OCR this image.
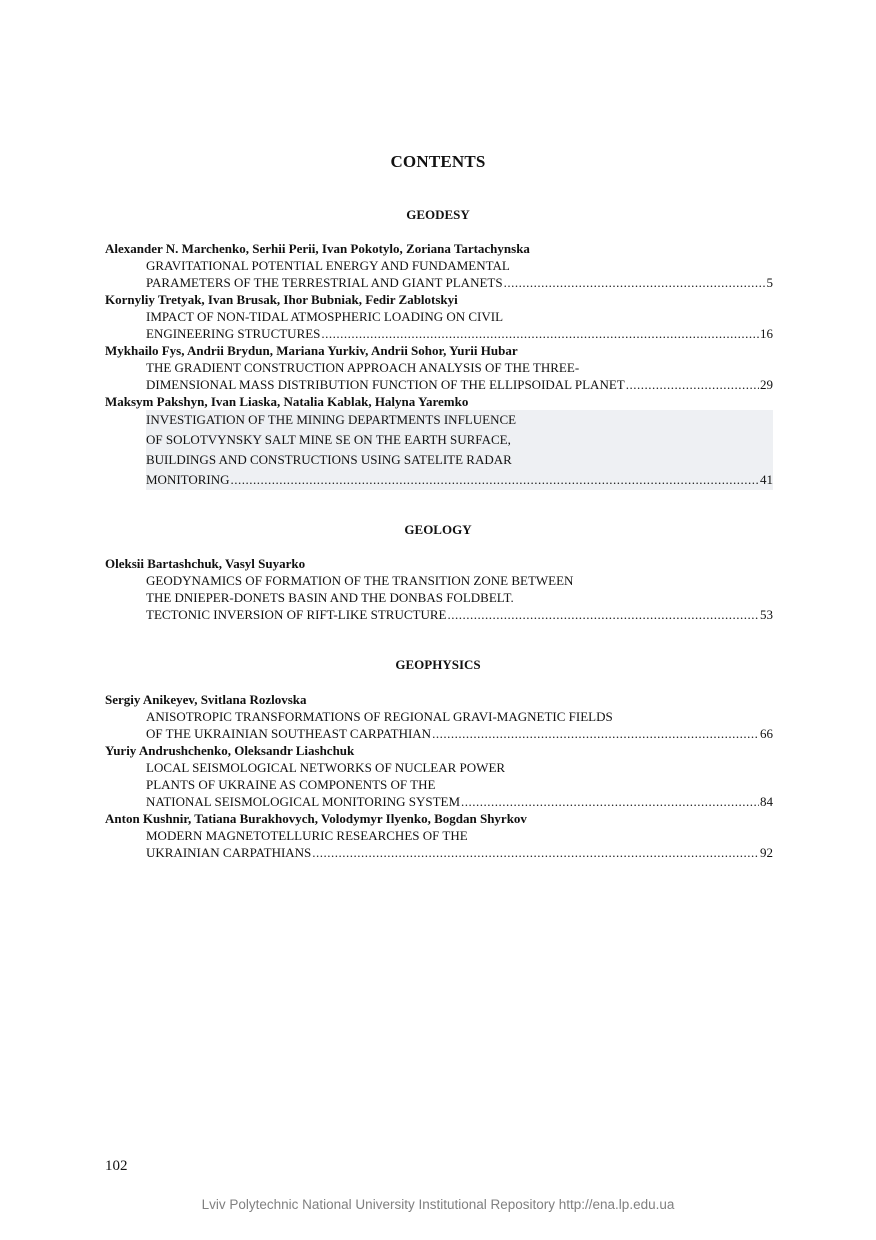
CONTENTS
GEODESY
Alexander N. Marchenko, Serhii Perii, Ivan Pokotylo, Zoriana Tartachynska
GRAVITATIONAL POTENTIAL ENERGY AND FUNDAMENTAL
PARAMETERS OF THE TERRESTRIAL AND GIANT PLANETS .....	5
Kornyliy Tretyak, Ivan Brusak, Ihor Bubniak, Fedir Zablotskyi
IMPACT OF NON-TIDAL ATMOSPHERIC LOADING ON CIVIL
ENGINEERING STRUCTURES .....	16
Mykhailo Fys, Andrii Brydun, Mariana Yurkiv, Andrii Sohor, Yurii Hubar
THE GRADIENT CONSTRUCTION APPROACH ANALYSIS OF THE THREE-
DIMENSIONAL MASS DISTRIBUTION FUNCTION OF THE ELLIPSOIDAL PLANET .....	29
Maksym Pakshyn, Ivan Liaska, Natalia Kablak, Halyna Yaremko
INVESTIGATION OF THE MINING DEPARTMENTS INFLUENCE
OF SOLOTVYNSKY SALT MINE SE ON THE EARTH SURFACE,
BUILDINGS AND CONSTRUCTIONS USING SATELITE RADAR
MONITORING .....	41
GEOLOGY
Oleksii Bartashchuk, Vasyl Suyarko
GEODYNAMICS OF FORMATION OF THE TRANSITION ZONE BETWEEN
THE DNIEPER-DONETS BASIN AND THE DONBAS FOLDBELT.
TECTONIC INVERSION OF RIFT-LIKE STRUCTURE .....	53
GEOPHYSICS
Sergiy Anikeyev, Svitlana Rozlovska
ANISOTROPIC TRANSFORMATIONS OF REGIONAL GRAVI-MAGNETIC FIELDS
OF THE UKRAINIAN SOUTHEAST CARPATHIAN .....	66
Yuriy Andrushchenko, Oleksandr Liashchuk
LOCAL SEISMOLOGICAL NETWORKS OF NUCLEAR POWER
PLANTS OF UKRAINE AS COMPONENTS OF THE
NATIONAL SEISMOLOGICAL MONITORING SYSTEM .....	84
Anton Kushnir, Tatiana Burakhovych, Volodymyr Ilyenko, Bogdan Shyrkov
MODERN MAGNETOTELLURIC RESEARCHES OF THE
UKRAINIAN CARPATHIANS .....	92
102
Lviv Polytechnic National University Institutional Repository http://ena.lp.edu.ua
